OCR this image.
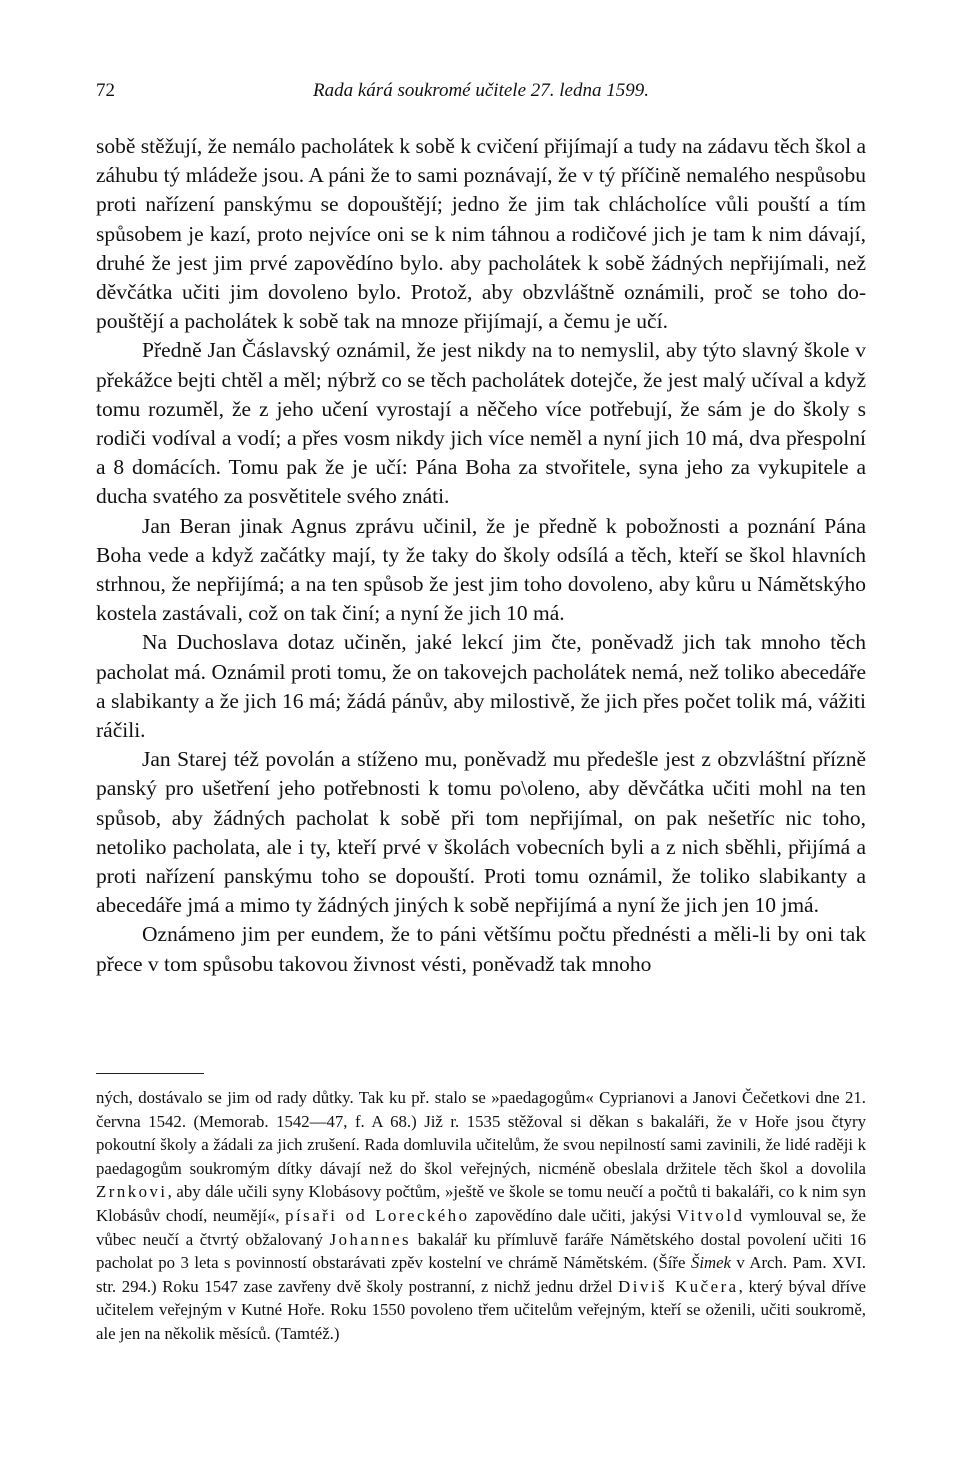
72	Rada kárá soukromé učitele 27. ledna 1599.

sobě stěžují, že nemálo pacholátek k sobě k cvičení přijímají a tudy na zádavu těch škol a záhubu tý mládeže jsou. A páni že to sami poznávají, že v tý příčině nemalého nespůsobu proti nařízení panskýmu se dopouštějí; jedno že jim tak chlácholíce vůli pouští a tím spůsobem je kazí, proto nejvíce oni se k nim táhnou a rodičové jich je tam k nim dávají, druhé že jest jim prvé zapovědíno bylo. aby pacholátek k sobě žádných nepřijímali, než děvčátka učiti jim dovoleno bylo. Protož, aby obzvláštně oznámili, proč se toho dopouštějí a pacholátek k sobě tak na mnoze přijímají, a čemu je učí.

Předně Jan Čáslavský oznámil, že jest nikdy na to nemyslil, aby týto slavný škole v překážce bejti chtěl a měl; nýbrž co se těch pacholátek dotejče, že jest malý učíval a když tomu rozuměl, že z jeho učení vyrostají a něčeho více potřebují, že sám je do školy s rodiči vodíval a vodí; a přes vosm nikdy jich více neměl a nyní jich 10 má, dva přespolní a 8 domácích. Tomu pak že je učí: Pána Boha za stvořitele, syna jeho za vykupitele a ducha svatého za posvětitele svého znáti.

Jan Beran jinak Agnus zprávu učinil, že je předně k pobožnosti a poznání Pána Boha vede a když začátky mají, ty že taky do školy odsílá a těch, kteří se škol hlavních strhnou, že nepřijímá; a na ten spůsob že jest jim toho dovoleno, aby kůru u Námětskýho kostela zastávali, což on tak činí; a nyní že jich 10 má.

Na Duchoslava dotaz učiněn, jaké lekcí jim čte, poněvadž jich tak mnoho těch pacholat má. Oznámil proti tomu, že on takovejch pacholátek nemá, než toliko abecedáře a slabikanty a že jich 16 má; žádá pánův, aby milostivě, že jich přes počet tolik má, vážiti ráčili.

Jan Starej též povolán a stíženo mu, poněvadž mu předešle jest z obzvláštní přízně panský pro ušetření jeho potřebnosti k tomu po\oleno, aby děvčátka učiti mohl na ten spůsob, aby žádných pacholat k sobě při tom nepřijímal, on pak nešetříc nic toho, netoliko pacholata, ale i ty, kteří prvé v školách vobecních byli a z nich sběhli, přijímá a proti nařízení panskýmu toho se dopouští. Proti tomu oznámil, že toliko slabikanty a abecedáře jmá a mimo ty žádných jiných k sobě nepřijímá a nyní že jich jen 10 jmá.

Oznámeno jim per eundem, že to páni většímu počtu přednésti a měli-li by oni tak přece v tom spůsobu takovou živnost vésti, poněvadž tak mnoho

ných, dostávalo se jim od rady důtky. Tak ku př. stalo se »paedagogům« Cyprianovi a Janovi Čečetkovi dne 21. června 1542. (Memorab. 1542—47, f. A 68.) Již r. 1535 stěžoval si děkan s bakaláři, že v Hoře jsou čtyry pokoutní školy a žádali za jich zrušení. Rada domluvila učitelům, že svou nepilností sami zavinili, že lidé raději k paedagogům soukromým dítky dávají než do škol veřejných, nicméně obeslala držitele těch škol a dovolila Zrnkovi, aby dále učili syny Klobásovy počtům, »ještě ve škole se tomu neučí a počtů ti bakaláři, co k nim syn Klobásův chodí, neumějí«, písaři od Loreckého zapovědíno dale učiti, jakýsi Vitvold vymlouval se, že vůbec neučí a čtvrtý obžalovaný Johannes bakalář ku přímluvě faráře Námětského dostal povolení učiti 16 pacholat po 3 leta s povinností obstarávati zpěv kostelní ve chrámě Námětském. (Šíře Šimek v Arch. Pam. XVI. str. 294.) Roku 1547 zase zavřeny dvě školy postranní, z nichž jednu držel Diviš Kučera, který býval dříve učitelem veřejným v Kutné Hoře. Roku 1550 povoleno třem učitelům veřejným, kteří se oženili, učiti soukromě, ale jen na několik měsíců. (Tamtéž.)
